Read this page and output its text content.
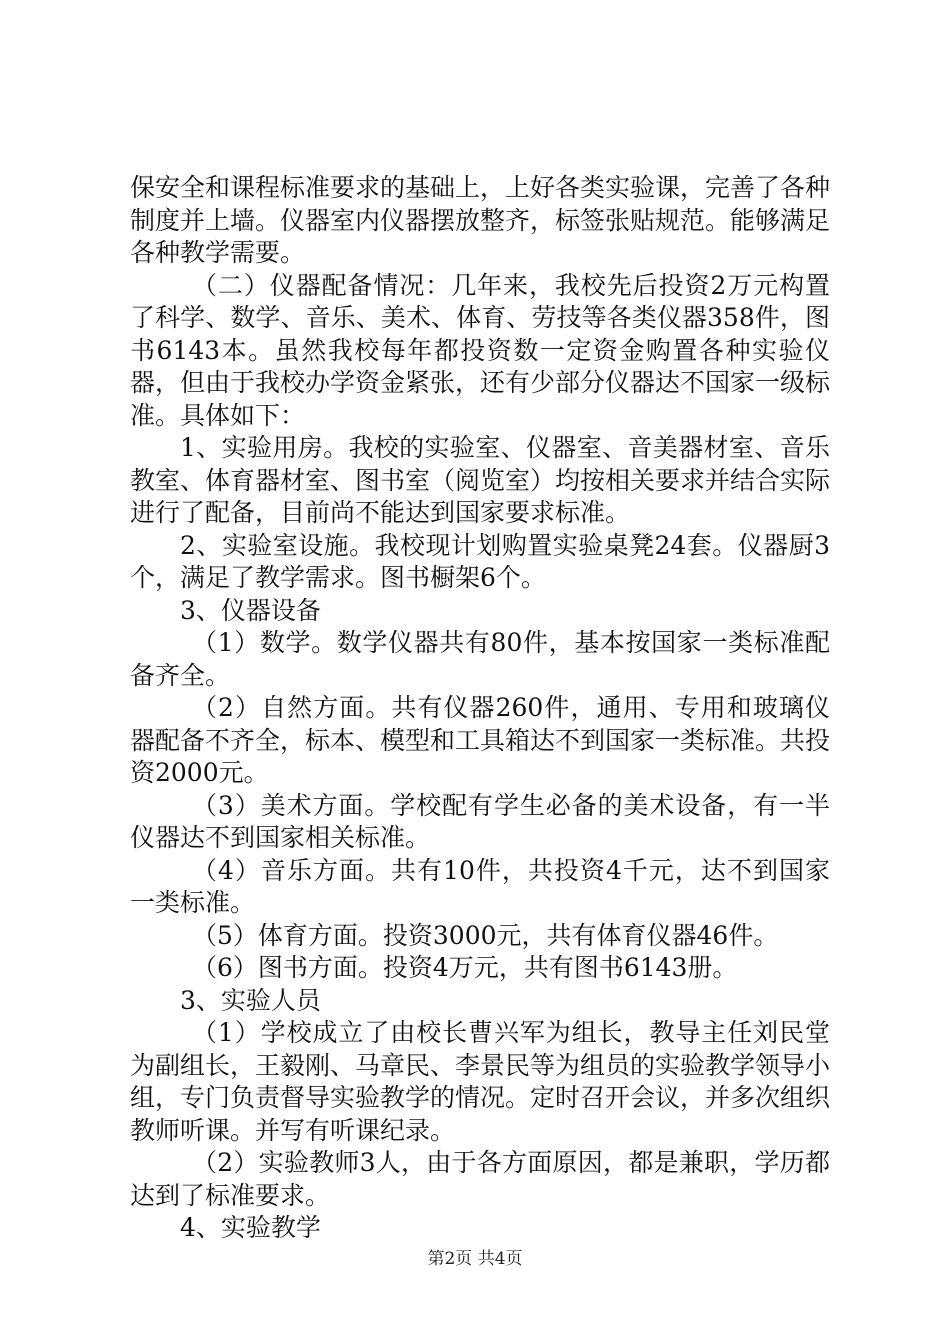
保安全和课程标准要求的基础上，上好各类实验课，完善了各种制度并上墙。仪器室内仪器摆放整齐，标签张贴规范。能够满足各种教学需要。

（二）仪器配备情况：几年来，我校先后投资2万元构置了科学、数学、音乐、美术、体育、劳技等各类仪器358件，图书6143本。虽然我校每年都投资数一定资金购置各种实验仪器，但由于我校办学资金紧张，还有少部分仪器达不国家一级标准。具体如下：

1、实验用房。我校的实验室、仪器室、音美器材室、音乐教室、体育器材室、图书室（阅览室）均按相关要求并结合实际进行了配备，目前尚不能达到国家要求标准。

2、实验室设施。我校现计划购置实验桌凳24套。仪器厨3个，满足了教学需求。图书橱架6个。

3、仪器设备

（1）数学。数学仪器共有80件，基本按国家一类标准配备齐全。

（2）自然方面。共有仪器260件，通用、专用和玻璃仪器配备不齐全，标本、模型和工具箱达不到国家一类标准。共投资2000元。

（3）美术方面。学校配有学生必备的美术设备，有一半仪器达不到国家相关标准。

（4）音乐方面。共有10件，共投资4千元，达不到国家一类标准。

（5）体育方面。投资3000元，共有体育仪器46件。

（6）图书方面。投资4万元，共有图书6143册。

3、实验人员

（1）学校成立了由校长曹兴军为组长，教导主任刘民堂为副组长，王毅刚、马章民、李景民等为组员的实验教学领导小组，专门负责督导实验教学的情况。定时召开会议，并多次组织教师听课。并写有听课纪录。

（2）实验教师3人，由于各方面原因，都是兼职，学历都达到了标准要求。

4、实验教学

第2页 共4页
